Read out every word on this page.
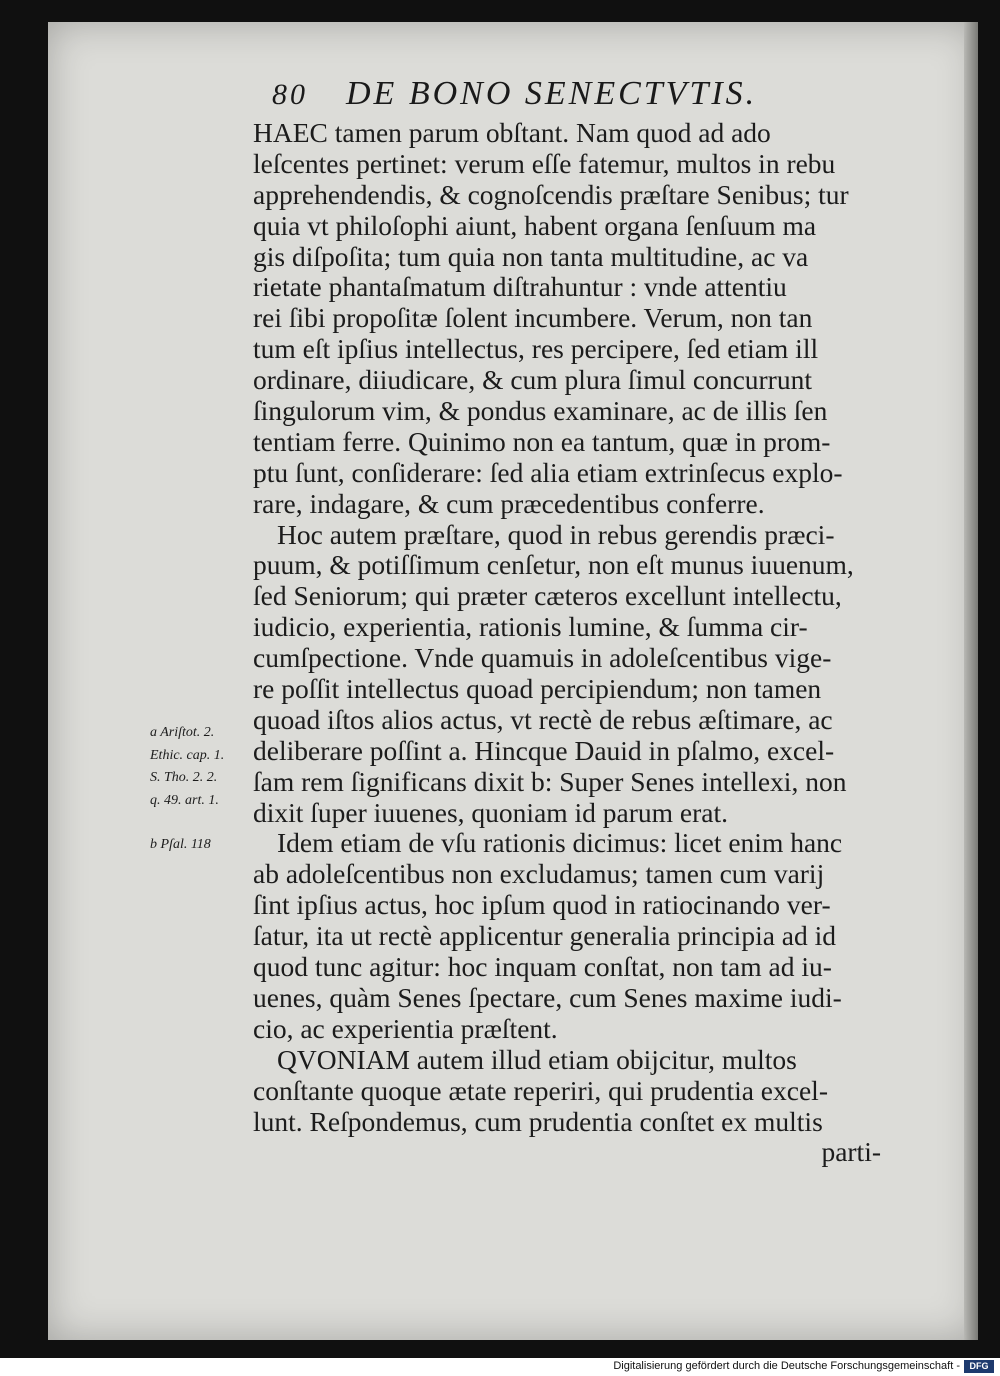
80 DE BONO SENECTVTIS.
HAEC tamen parum obſtant. Nam quod ad ado
leſcentes pertinet: verum eſſe fatemur, multos in rebu
apprehendendis, & cognoſcendis præſtare Senibus; tur
quia vt philoſophi aiunt, habent organa ſenſuum ma
gis diſpoſita; tum quia non tanta multitudine, ac va
rietate phantaſmatum diſtrahuntur : vnde attentiu
rei ſibi propoſitæ ſolent incumbere. Verum, non tan
tum eſt ipſius intellectus, res percipere, ſed etiam ill
ordinare, diiudicare, & cum plura ſimul concurrunt
ſingulorum vim, & pondus examinare, ac de illis ſen
tentiam ferre. Quinimo non ea tantum, quæ in prom-
ptu ſunt, conſiderare: ſed alia etiam extrinſecus explo-
rare, indagare, & cum præcedentibus conferre.
Hoc autem præſtare, quod in rebus gerendis præci-
puum, & potiſſimum cenſetur, non eſt munus iuuenum,
ſed Seniorum; qui præter cæteros excellunt intellectu,
iudicio, experientia, rationis lumine, & ſumma cir-
cumſpectione. Vnde quamuis in adoleſcentibus vige-
re poſſit intellectus quoad percipiendum; non tamen
quoad iſtos alios actus, vt rectè de rebus æſtimare, ac
deliberare poſſint a. Hincque Dauid in pſalmo, excel-
ſam rem ſignificans dixit b: Super Senes intellexi, non
dixit ſuper iuuenes, quoniam id parum erat.
Idem etiam de vſu rationis dicimus: licet enim hanc
ab adoleſcentibus non excludamus; tamen cum varij
ſint ipſius actus, hoc ipſum quod in ratiocinando ver-
ſatur, ita ut rectè applicentur generalia principia ad id
quod tunc agitur: hoc inquam conſtat, non tam ad iu-
uenes, quàm Senes ſpectare, cum Senes maxime iudi-
cio, ac experientia præſtent.
QVONIAM autem illud etiam obijcitur, multos
conſtante quoque ætate reperiri, qui prudentia excel-
lunt. Reſpondemus, cum prudentia conſtet ex multis
parti-
a Ariſtot. 2.
Ethic. cap. 1.
S. Tho. 2. 2.
q. 49. art. 1.
b Pſal. 118
Digitalisierung gefördert durch die Deutsche Forschungsgemeinschaft -	DFG
